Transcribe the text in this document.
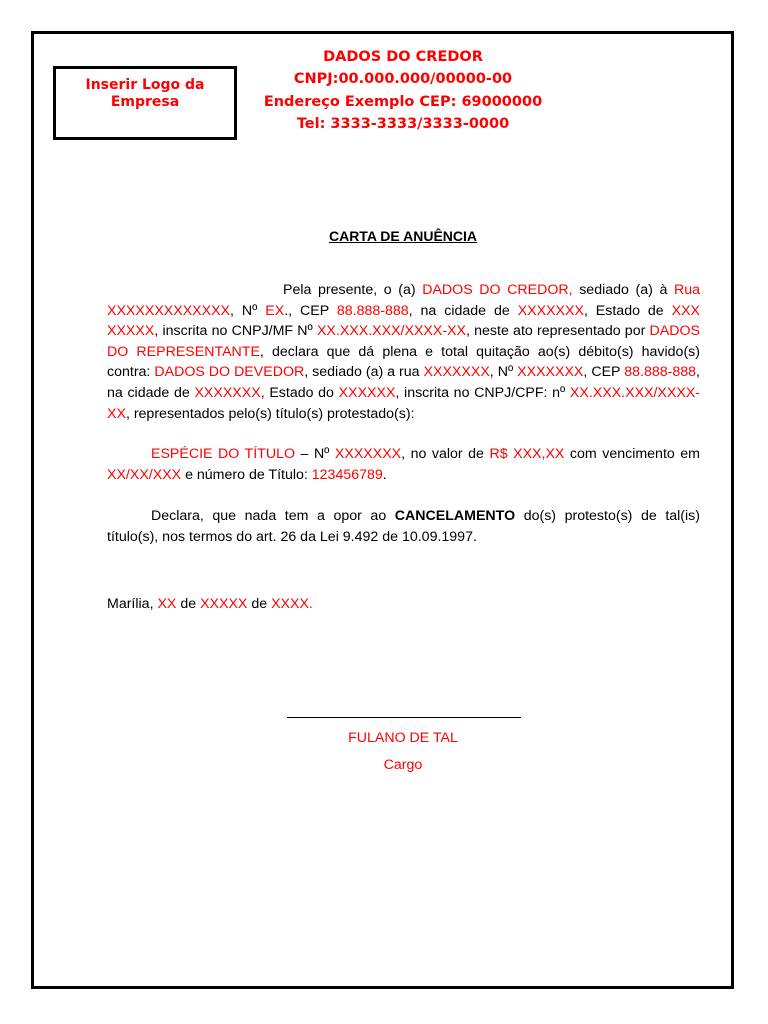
Inserir Logo da
Empresa
DADOS DO CREDOR
CNPJ:00.000.000/00000-00
Endereço Exemplo CEP: 69000000
Tel: 3333-3333/3333-0000
CARTA DE ANUÊNCIA
Pela presente, o (a) DADOS DO CREDOR, sediado (a) à Rua XXXXXXXXXXXXX, Nº EX., CEP 88.888-888, na cidade de XXXXXXX, Estado de XXX XXXXX, inscrita no CNPJ/MF Nº XX.XXX.XXX/XXXX-XX, neste ato representado por DADOS DO REPRESENTANTE, declara que dá plena e total quitação ao(s) débito(s) havido(s) contra: DADOS DO DEVEDOR, sediado (a) a rua XXXXXXX, Nº XXXXXXX, CEP 88.888-888, na cidade de XXXXXXX, Estado do XXXXXX, inscrita no CNPJ/CPF: nº XX.XXX.XXX/XXXX-XX, representados pelo(s) título(s) protestado(s):
ESPÉCIE DO TÍTULO – Nº XXXXXXX, no valor de R$ XXX,XX com vencimento em XX/XX/XXX e número de Título: 123456789.
Declara, que nada tem a opor ao CANCELAMENTO do(s) protesto(s) de tal(is) título(s), nos termos do art. 26 da Lei 9.492 de 10.09.1997.
Marília, XX de XXXXX de XXXX.
FULANO DE TAL
Cargo
